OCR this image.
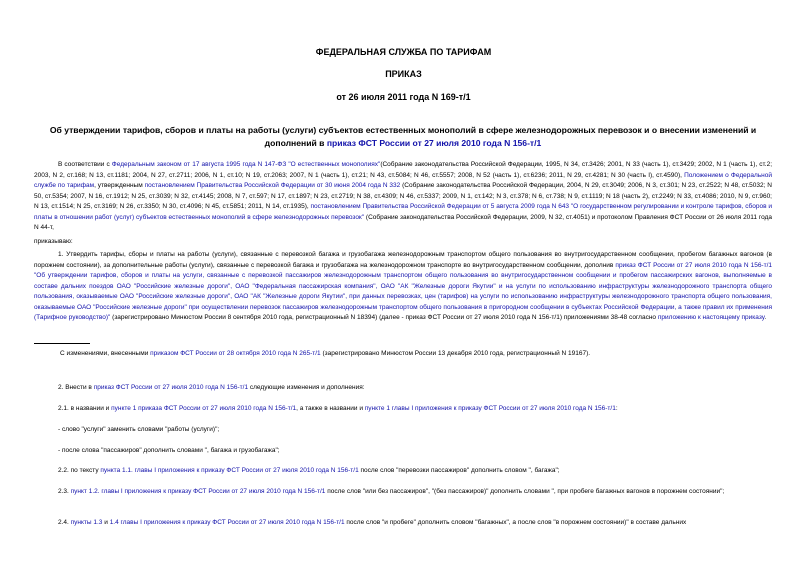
ФЕДЕРАЛЬНАЯ СЛУЖБА ПО ТАРИФАМ
ПРИКАЗ
от 26 июля 2011 года N 169-т/1
Об утверждении тарифов, сборов и платы на работы (услуги) субъектов естественных монополий в сфере железнодорожных перевозок и о внесении изменений и дополнений в приказ ФСТ России от 27 июля 2010 года N 156-т/1
В соответствии с Федеральным законом от 17 августа 1995 года N 147-ФЗ "О естественных монополиях"(Собрание законодательства Российской Федерации, 1995, N 34, ст.3426; 2001, N 33 (часть 1), ст.3429; 2002, N 1 (часть 1), ст.2; 2003, N 2, ст.168; N 13, ст.1181; 2004, N 27, ст.2711; 2006, N 1, ст.10; N 19, ст.2063; 2007, N 1 (часть 1), ст.21; N 43, ст.5084; N 46, ст.5557; 2008, N 52 (часть 1), ст.6236; 2011, N 29, ст.4281; N 30 (часть I), ст.4590), Положением о Федеральной службе по тарифам, утвержденным постановлением Правительства Российской Федерации от 30 июня 2004 года N 332 (Собрание законодательства Российской Федерации, 2004, N 29, ст.3049; 2006, N 3, ст.301; N 23, ст.2522; N 48, ст.5032; N 50, ст.5354; 2007, N 16, ст.1912; N 25, ст.3039; N 32, ст.4145; 2008, N 7, ст.597; N 17, ст.1897; N 23, ст.2719; N 38, ст.4309; N 46, ст.5337; 2009, N 1, ст.142; N 3, ст.378; N 6, ст.738; N 9, ст.1119; N 18 (часть 2), ст.2249; N 33, ст.4086; 2010, N 9, ст.960; N 13, ст.1514; N 25, ст.3169; N 26, ст.3350; N 30, ст.4096; N 45, ст.5851; 2011, N 14, ст.1935), постановлением Правительства Российской Федерации от 5 августа 2009 года N 643 "О государственном регулировании и контроле тарифов, сборов и платы в отношении работ (услуг) субъектов естественных монополий в сфере железнодорожных перевозок" (Собрание законодательства Российской Федерации, 2009, N 32, ст.4051) и протоколом Правления ФСТ России от 26 июля 2011 года N 44-т,
приказываю:
1. Утвердить тарифы, сборы и платы на работы (услуги), связанные с перевозкой багажа и грузобагажа железнодорожным транспортом общего пользования во внутригосударственном сообщении, пробегом багажных вагонов (в порожнем состоянии), за дополнительные работы (услуги), связанные с перевозкой багажа и грузобагажа на железнодорожном транспорте во внутригосударственном сообщении, дополнив приказ ФСТ России от 27 июля 2010 года N 156-т/1 "Об утверждении тарифов, сборов и платы на услуги, связанные с перевозкой пассажиров железнодорожным транспортом общего пользования во внутригосударственном сообщении и пробегом пассажирских вагонов, выполняемые в составе дальних поездов ОАО "Российские железные дороги", ОАО "Федеральная пассажирская компания", ОАО "АК "Железные дороги Якутии" и на услуги по использованию инфраструктуры железнодорожного транспорта общего пользования, оказываемые ОАО "Российские железные дороги", ОАО "АК "Железные дороги Якутии", при данных перевозках, цен (тарифов) на услуги по использованию инфраструктуры железнодорожного транспорта общего пользования, оказываемые ОАО "Российские железные дороги" при осуществлении перевозок пассажиров железнодорожным транспортом общего пользования в пригородном сообщении в субъектах Российской Федерации, а также правил их применения (Тарифное руководство)" (зарегистрировано Минюстом России 8 сентября 2010 года, регистрационный N 18394) (далее - приказ ФСТ России от 27 июля 2010 года N 156-т/1) приложениями 38-48 согласно приложению к настоящему приказу.
С изменениями, внесенными приказом ФСТ России от 28 октября 2010 года N 265-т/1 (зарегистрировано Минюстом России 13 декабря 2010 года, регистрационный N 19167).
2. Внести в приказ ФСТ России от 27 июля 2010 года N 156-т/1 следующие изменения и дополнения:
2.1. в названии и пункте 1 приказа ФСТ России от 27 июля 2010 года N 156-т/1, а также в названии и пункте 1 главы I приложения к приказу ФСТ России от 27 июля 2010 года N 156-т/1:
- слово "услуги" заменить словами "работы (услуги)";
- после слова "пассажиров" дополнить словами ", багажа и грузобагажа";
2.2. по тексту пункта 1.1. главы I приложения к приказу ФСТ России от 27 июля 2010 года N 156-т/1 после слов "перевозки пассажиров" дополнить словом ", багажа";
2.3. пункт 1.2. главы I приложения к приказу ФСТ России от 27 июля 2010 года N 156-т/1 после слов "или без пассажиров", "(без пассажиров)" дополнить словами ", при пробеге багажных вагонов в порожнем состоянии";
2.4. пункты 1.3 и 1.4 главы I приложения к приказу ФСТ России от 27 июля 2010 года N 156-т/1 после слов "и пробеге" дополнить словом "багажных", а после слов "в порожнем состоянии)" в составе дальних
